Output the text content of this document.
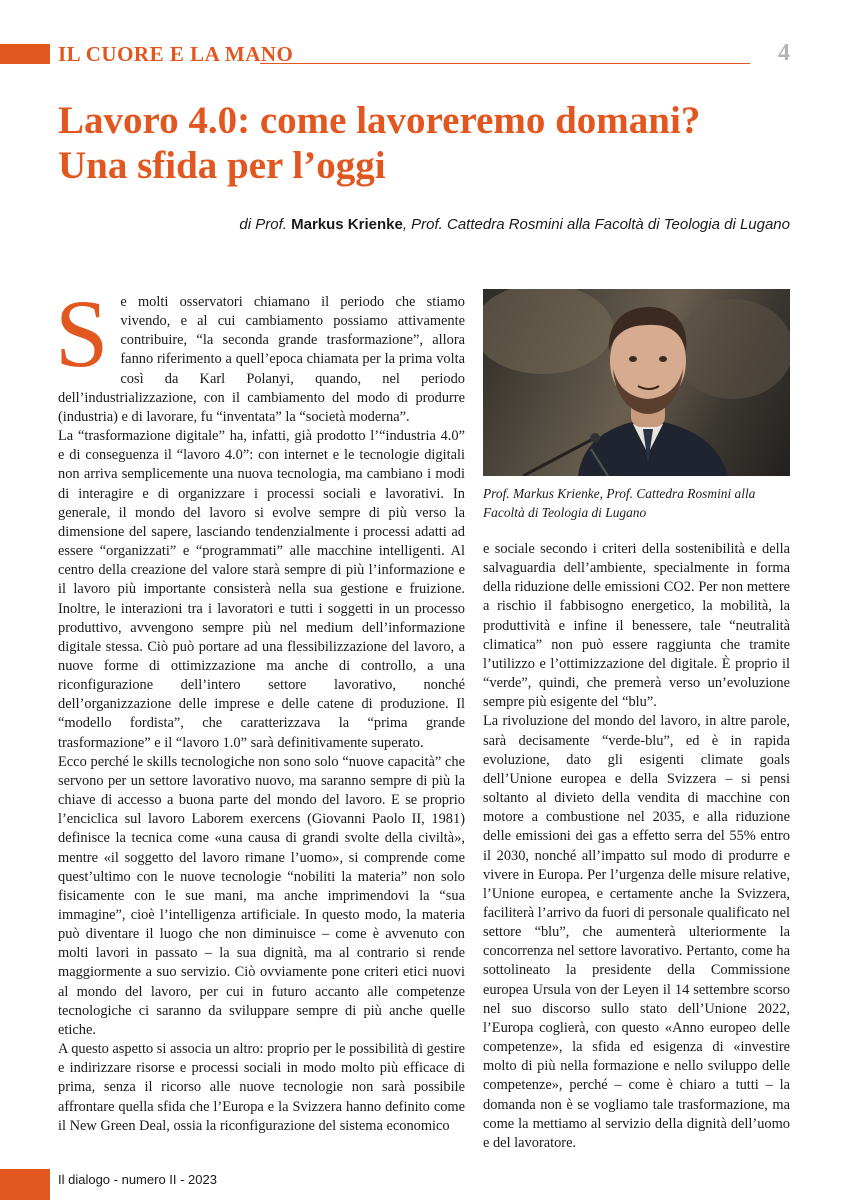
IL CUORE E LA MANO	4
Lavoro 4.0: come lavoreremo domani?
Una sfida per l’oggi

di Prof. Markus Krienke, Prof. Cattedra Rosmini alla Facoltà di Teologia di Lugano

Prof. Markus Krienke, Prof. Cattedra Rosmini alla Facoltà di Teologia di Lugano

Se molti osservatori chiamano il periodo che stiamo vivendo, e al cui cambiamento possiamo attivamente contribuire, “la seconda grande trasformazione”, allora fanno riferimento a quell’epoca chiamata per la prima volta così da Karl Polanyi, quando, nel periodo dell’industrializzazione, con il cambiamento del modo di produrre (industria) e di lavorare, fu “inventata” la “società moderna”.

La “trasformazione digitale” ha, infatti, già prodotto l’“industria 4.0” e di conseguenza il “lavoro 4.0”: con internet e le tecnologie digitali non arriva semplicemente una nuova tecnologia, ma cambiano i modi di interagire e di organizzare i processi sociali e lavorativi. In generale, il mondo del lavoro si evolve sempre di più verso la dimensione del sapere, lasciando tendenzialmente i processi adatti ad essere “organizzati” e “programmati” alle macchine intelligenti. Al centro della creazione del valore starà sempre di più l’informazione e il lavoro più importante consisterà nella sua gestione e fruizione. Inoltre, le interazioni tra i lavoratori e tutti i soggetti in un processo produttivo, avvengono sempre più nel medium dell’informazione digitale stessa. Ciò può portare ad una flessibilizzazione del lavoro, a nuove forme di ottimizzazione ma anche di controllo, a una riconfigurazione dell’intero settore lavorativo, nonché dell’organizzazione delle imprese e delle catene di produzione. Il “modello fordista”, che caratterizzava la “prima grande trasformazione” e il “lavoro 1.0” sarà definitivamente superato.

Ecco perché le skills tecnologiche non sono solo “nuove capacità” che servono per un settore lavorativo nuovo, ma saranno sempre di più la chiave di accesso a buona parte del mondo del lavoro. E se proprio l’enciclica sul lavoro Laborem exercens (Giovanni Paolo II, 1981) definisce la tecnica come «una causa di grandi svolte della civiltà», mentre «il soggetto del lavoro rimane l’uomo», si comprende come quest’ultimo con le nuove tecnologie “nobiliti la materia” non solo fisicamente con le sue mani, ma anche imprimendovi la “sua immagine”, cioè l’intelligenza artificiale. In questo modo, la materia può diventare il luogo che non diminuisce – come è avvenuto con molti lavori in passato – la sua dignità, ma al contrario si rende maggiormente a suo servizio. Ciò ovviamente pone criteri etici nuovi al mondo del lavoro, per cui in futuro accanto alle competenze tecnologiche ci saranno da sviluppare sempre di più anche quelle etiche.

A questo aspetto si associa un altro: proprio per le possibilità di gestire e indirizzare risorse e processi sociali in modo molto più efficace di prima, senza il ricorso alle nuove tecnologie non sarà possibile affrontare quella sfida che l’Europa e la Svizzera hanno definito come il New Green Deal, ossia la riconfigurazione del sistema economico

e sociale secondo i criteri della sostenibilità e della salvaguardia dell’ambiente, specialmente in forma della riduzione delle emissioni CO2. Per non mettere a rischio il fabbisogno energetico, la mobilità, la produttività e infine il benessere, tale “neutralità climatica” non può essere raggiunta che tramite l’utilizzo e l’ottimizzazione del digitale. È proprio il “verde”, quindi, che premerà verso un’evoluzione sempre più esigente del “blu”.

La rivoluzione del mondo del lavoro, in altre parole, sarà decisamente “verde-blu”, ed è in rapida evoluzione, dato gli esigenti climate goals dell’Unione europea e della Svizzera – si pensi soltanto al divieto della vendita di macchine con motore a combustione nel 2035, e alla riduzione delle emissioni dei gas a effetto serra del 55% entro il 2030, nonché all’impatto sul modo di produrre e vivere in Europa. Per l’urgenza delle misure relative, l’Unione europea, e certamente anche la Svizzera, faciliterà l’arrivo da fuori di personale qualificato nel settore “blu”, che aumenterà ulteriormente la concorrenza nel settore lavorativo. Pertanto, come ha sottolineato la presidente della Commissione europea Ursula von der Leyen il 14 settembre scorso nel suo discorso sullo stato dell’Unione 2022, l’Europa coglierà, con questo «Anno europeo delle competenze», la sfida ed esigenza di «investire molto di più nella formazione e nello sviluppo delle competenze», perché – come è chiaro a tutti – la domanda non è se vogliamo tale trasformazione, ma come la mettiamo al servizio della dignità dell’uomo e del lavoratore.

Il dialogo - numero II - 2023
